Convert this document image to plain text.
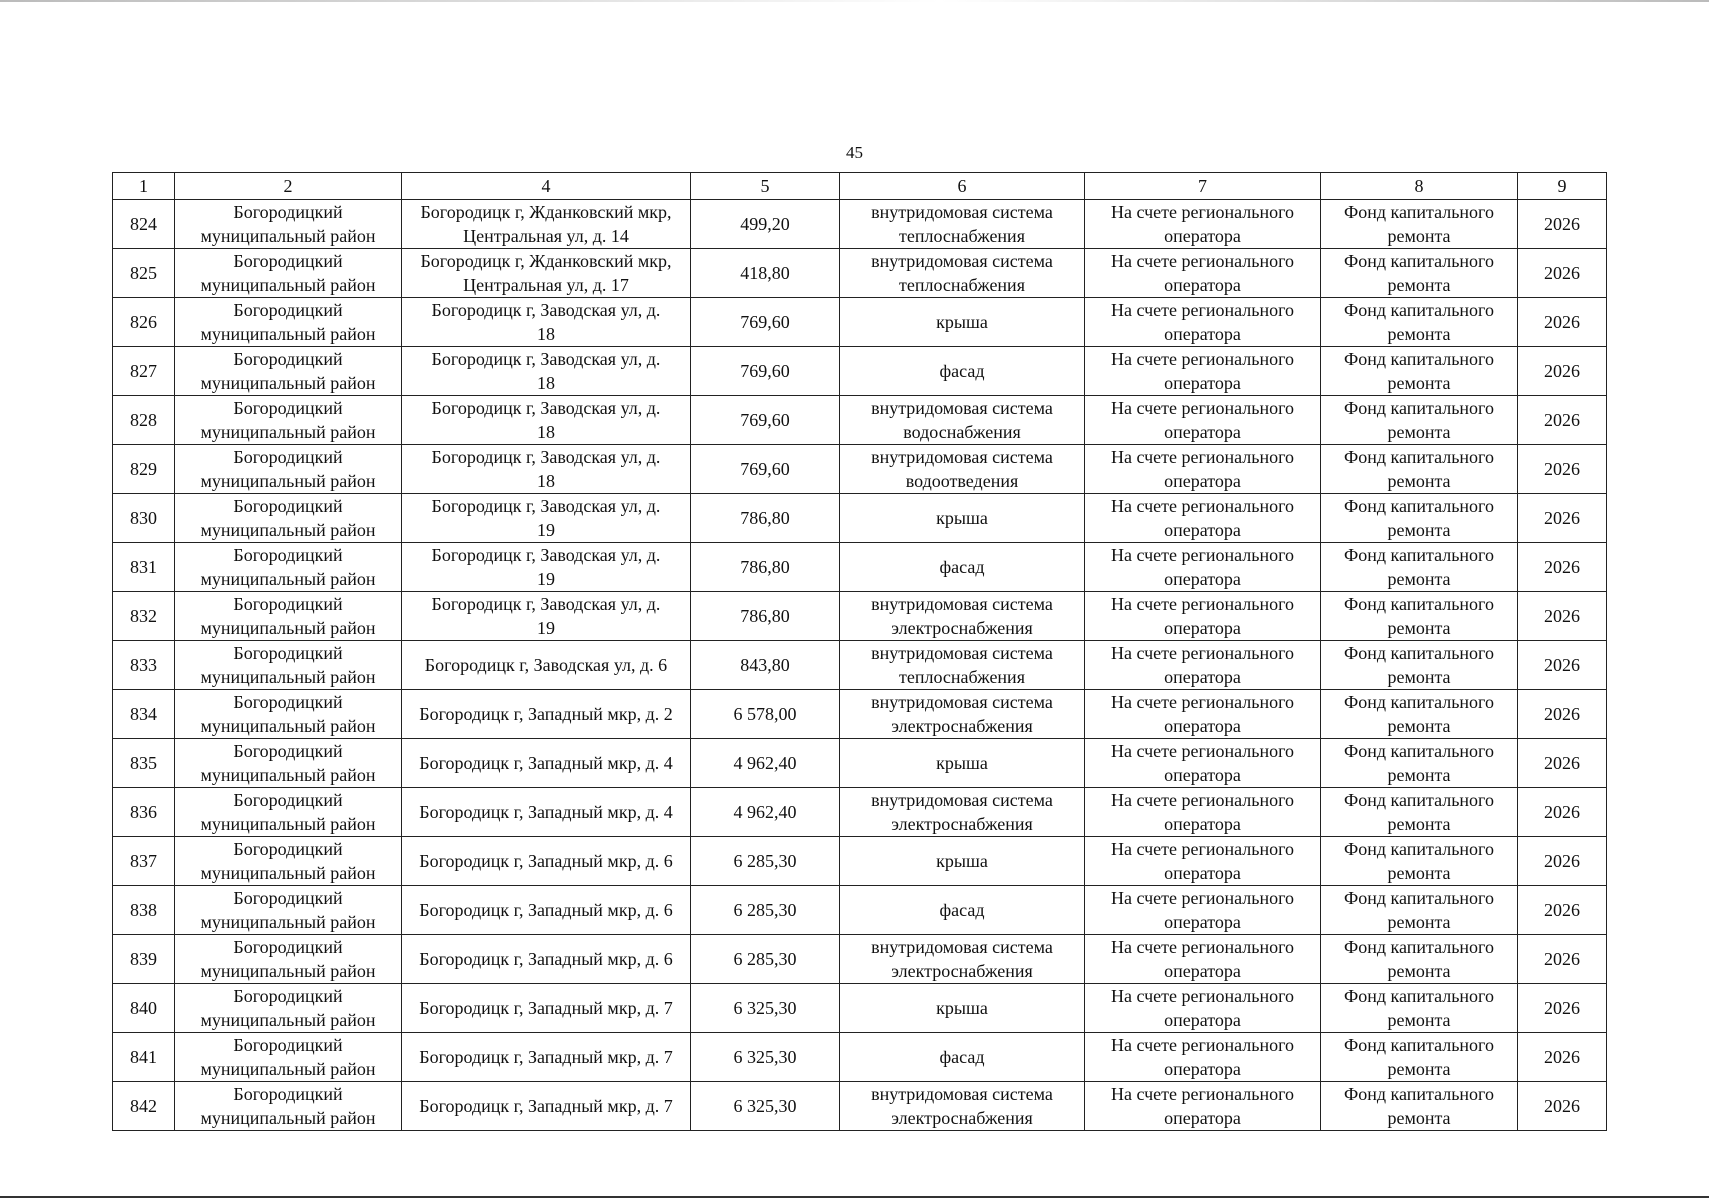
45
1	2	4	5	6	7	8	9
824	Богородицкий
муниципальный район	Богородицк г, Жданковский мкр,
Центральная ул, д. 14	499,20	внутридомовая система
теплоснабжения	На счете регионального
оператора	Фонд капитального
ремонта	2026
825	Богородицкий
муниципальный район	Богородицк г, Жданковский мкр,
Центральная ул, д. 17	418,80	внутридомовая система
теплоснабжения	На счете регионального
оператора	Фонд капитального
ремонта	2026
826	Богородицкий
муниципальный район	Богородицк г, Заводская ул, д.
18	769,60	крыша	На счете регионального
оператора	Фонд капитального
ремонта	2026
827	Богородицкий
муниципальный район	Богородицк г, Заводская ул, д.
18	769,60	фасад	На счете регионального
оператора	Фонд капитального
ремонта	2026
828	Богородицкий
муниципальный район	Богородицк г, Заводская ул, д.
18	769,60	внутридомовая система
водоснабжения	На счете регионального
оператора	Фонд капитального
ремонта	2026
829	Богородицкий
муниципальный район	Богородицк г, Заводская ул, д.
18	769,60	внутридомовая система
водоотведения	На счете регионального
оператора	Фонд капитального
ремонта	2026
830	Богородицкий
муниципальный район	Богородицк г, Заводская ул, д.
19	786,80	крыша	На счете регионального
оператора	Фонд капитального
ремонта	2026
831	Богородицкий
муниципальный район	Богородицк г, Заводская ул, д.
19	786,80	фасад	На счете регионального
оператора	Фонд капитального
ремонта	2026
832	Богородицкий
муниципальный район	Богородицк г, Заводская ул, д.
19	786,80	внутридомовая система
электроснабжения	На счете регионального
оператора	Фонд капитального
ремонта	2026
833	Богородицкий
муниципальный район	Богородицк г, Заводская ул, д. 6	843,80	внутридомовая система
теплоснабжения	На счете регионального
оператора	Фонд капитального
ремонта	2026
834	Богородицкий
муниципальный район	Богородицк г, Западный мкр, д. 2	6 578,00	внутридомовая система
электроснабжения	На счете регионального
оператора	Фонд капитального
ремонта	2026
835	Богородицкий
муниципальный район	Богородицк г, Западный мкр, д. 4	4 962,40	крыша	На счете регионального
оператора	Фонд капитального
ремонта	2026
836	Богородицкий
муниципальный район	Богородицк г, Западный мкр, д. 4	4 962,40	внутридомовая система
электроснабжения	На счете регионального
оператора	Фонд капитального
ремонта	2026
837	Богородицкий
муниципальный район	Богородицк г, Западный мкр, д. 6	6 285,30	крыша	На счете регионального
оператора	Фонд капитального
ремонта	2026
838	Богородицкий
муниципальный район	Богородицк г, Западный мкр, д. 6	6 285,30	фасад	На счете регионального
оператора	Фонд капитального
ремонта	2026
839	Богородицкий
муниципальный район	Богородицк г, Западный мкр, д. 6	6 285,30	внутридомовая система
электроснабжения	На счете регионального
оператора	Фонд капитального
ремонта	2026
840	Богородицкий
муниципальный район	Богородицк г, Западный мкр, д. 7	6 325,30	крыша	На счете регионального
оператора	Фонд капитального
ремонта	2026
841	Богородицкий
муниципальный район	Богородицк г, Западный мкр, д. 7	6 325,30	фасад	На счете регионального
оператора	Фонд капитального
ремонта	2026
842	Богородицкий
муниципальный район	Богородицк г, Западный мкр, д. 7	6 325,30	внутридомовая система
электроснабжения	На счете регионального
оператора	Фонд капитального
ремонта	2026
